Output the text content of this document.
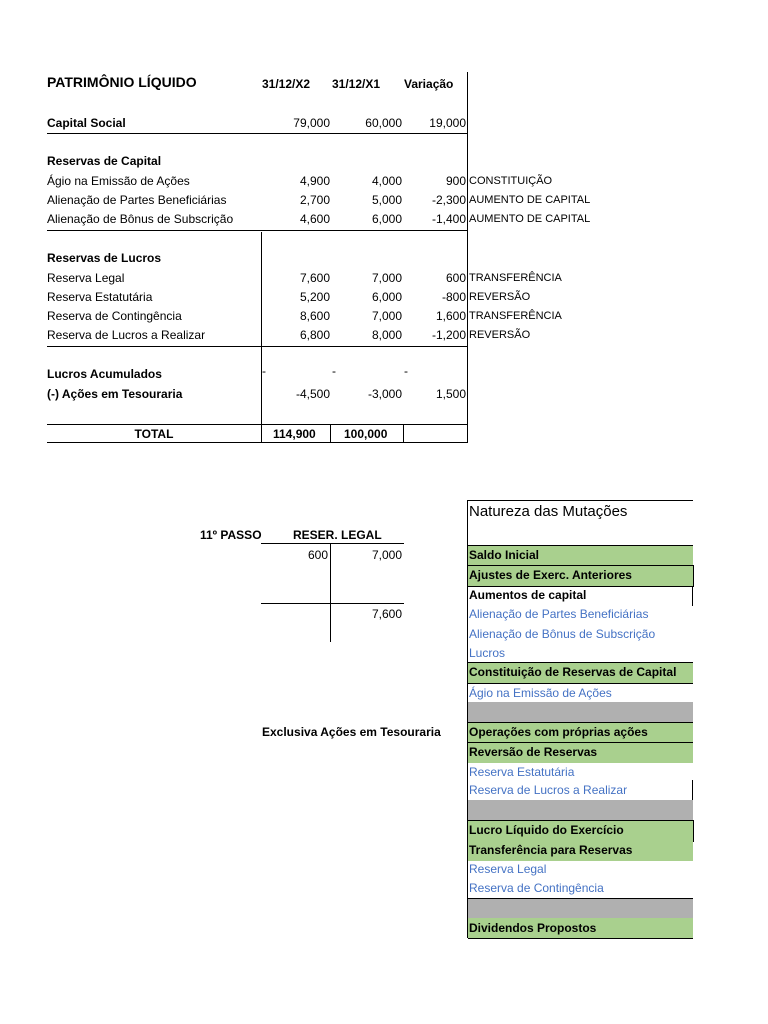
PATRIMÔNIO LÍQUIDO	31/12/X2 31/12/X1 Variação
Capital Social	79,000	60,000	19,000
Reservas de Capital
Ágio na Emissão de Ações	4,900	4,000	900 CONSTITUIÇÃO
Alienação de Partes Beneficiárias	2,700	5,000	-2,300 AUMENTO DE CAPITAL
Alienação de Bônus de Subscrição	4,600	6,000	-1,400 AUMENTO DE CAPITAL
Reservas de Lucros
Reserva Legal	7,600	7,000	600 TRANSFERÊNCIA
Reserva Estatutária	5,200	6,000	-800 REVERSÃO
Reserva de Contingência	8,600	7,000	1,600 TRANSFERÊNCIA
Reserva de Lucros a Realizar	6,800	8,000	-1,200 REVERSÃO
Lucros Acumulados	-	-	-
(-) Ações em Tesouraria	-4,500	-3,000	1,500
TOTAL	114,900 100,000
11º PASSO	RESER. LEGAL
600	7,000
7,600
Exclusiva Ações em Tesouraria
Natureza das Mutações
Saldo Inicial
Ajustes de Exerc. Anteriores
Aumentos de capital
Alienação de Partes Beneficiárias
Alienação de Bônus de Subscrição
Lucros
Constituição de Reservas de Capital
Ágio na Emissão de Ações
Operações com próprias ações
Reversão de Reservas
Reserva Estatutária
Reserva de Lucros a Realizar
Lucro Líquido do Exercício
Transferência para Reservas
Reserva Legal
Reserva de Contingência
Dividendos Propostos
